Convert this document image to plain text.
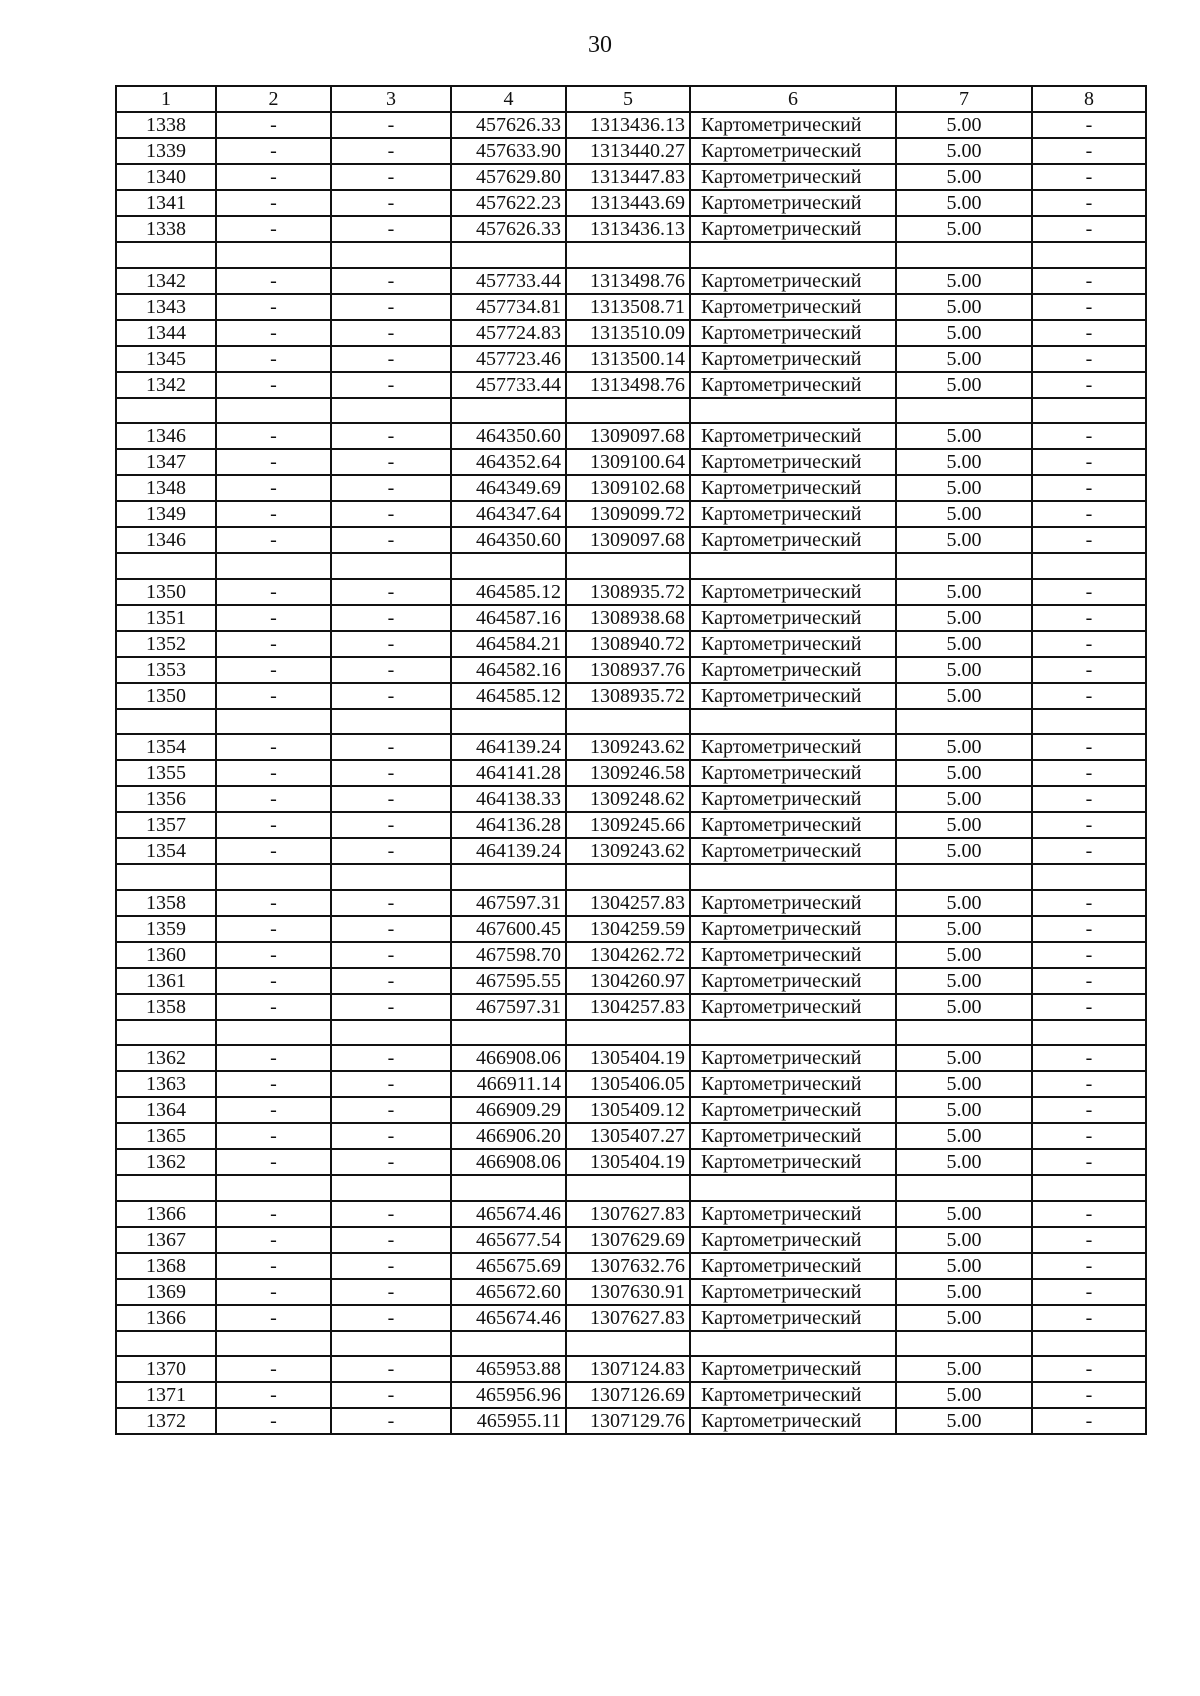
30
1	2	3	4	5	6	7	8
1338	-	-	457626.33	1313436.13	Картометрический	5.00	-
1339	-	-	457633.90	1313440.27	Картометрический	5.00	-
1340	-	-	457629.80	1313447.83	Картометрический	5.00	-
1341	-	-	457622.23	1313443.69	Картометрический	5.00	-
1338	-	-	457626.33	1313436.13	Картометрический	5.00	-

1342	-	-	457733.44	1313498.76	Картометрический	5.00	-
1343	-	-	457734.81	1313508.71	Картометрический	5.00	-
1344	-	-	457724.83	1313510.09	Картометрический	5.00	-
1345	-	-	457723.46	1313500.14	Картометрический	5.00	-
1342	-	-	457733.44	1313498.76	Картометрический	5.00	-

1346	-	-	464350.60	1309097.68	Картометрический	5.00	-
1347	-	-	464352.64	1309100.64	Картометрический	5.00	-
1348	-	-	464349.69	1309102.68	Картометрический	5.00	-
1349	-	-	464347.64	1309099.72	Картометрический	5.00	-
1346	-	-	464350.60	1309097.68	Картометрический	5.00	-

1350	-	-	464585.12	1308935.72	Картометрический	5.00	-
1351	-	-	464587.16	1308938.68	Картометрический	5.00	-
1352	-	-	464584.21	1308940.72	Картометрический	5.00	-
1353	-	-	464582.16	1308937.76	Картометрический	5.00	-
1350	-	-	464585.12	1308935.72	Картометрический	5.00	-

1354	-	-	464139.24	1309243.62	Картометрический	5.00	-
1355	-	-	464141.28	1309246.58	Картометрический	5.00	-
1356	-	-	464138.33	1309248.62	Картометрический	5.00	-
1357	-	-	464136.28	1309245.66	Картометрический	5.00	-
1354	-	-	464139.24	1309243.62	Картометрический	5.00	-

1358	-	-	467597.31	1304257.83	Картометрический	5.00	-
1359	-	-	467600.45	1304259.59	Картометрический	5.00	-
1360	-	-	467598.70	1304262.72	Картометрический	5.00	-
1361	-	-	467595.55	1304260.97	Картометрический	5.00	-
1358	-	-	467597.31	1304257.83	Картометрический	5.00	-

1362	-	-	466908.06	1305404.19	Картометрический	5.00	-
1363	-	-	466911.14	1305406.05	Картометрический	5.00	-
1364	-	-	466909.29	1305409.12	Картометрический	5.00	-
1365	-	-	466906.20	1305407.27	Картометрический	5.00	-
1362	-	-	466908.06	1305404.19	Картометрический	5.00	-

1366	-	-	465674.46	1307627.83	Картометрический	5.00	-
1367	-	-	465677.54	1307629.69	Картометрический	5.00	-
1368	-	-	465675.69	1307632.76	Картометрический	5.00	-
1369	-	-	465672.60	1307630.91	Картометрический	5.00	-
1366	-	-	465674.46	1307627.83	Картометрический	5.00	-

1370	-	-	465953.88	1307124.83	Картометрический	5.00	-
1371	-	-	465956.96	1307126.69	Картометрический	5.00	-
1372	-	-	465955.11	1307129.76	Картометрический	5.00	-
